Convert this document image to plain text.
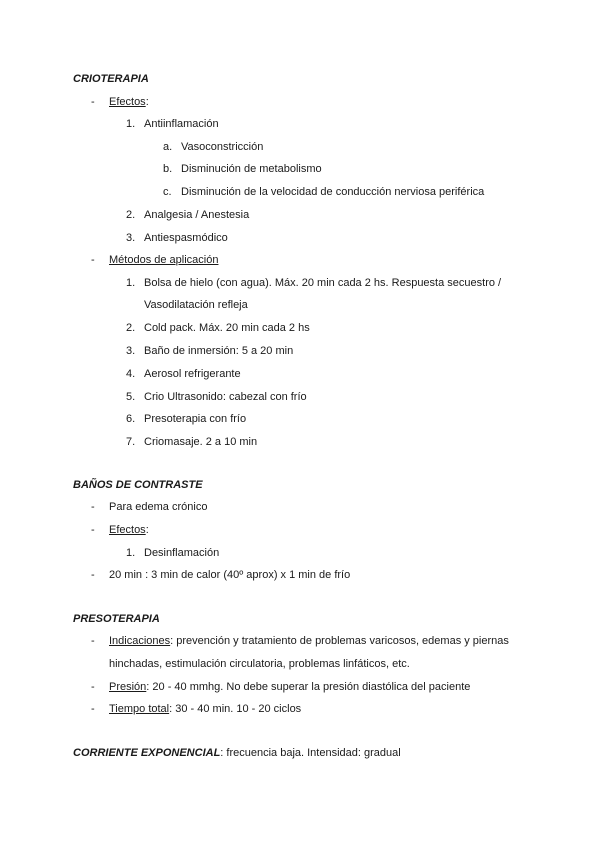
CRIOTERAPIA
- Efectos:
1. Antiinflamación
a. Vasoconstricción
b. Disminución de metabolismo
c. Disminución de la velocidad de conducción nerviosa periférica
2. Analgesia / Anestesia
3. Antiespasmódico
- Métodos de aplicación
1. Bolsa de hielo (con agua). Máx. 20 min cada 2 hs. Respuesta secuestro /
Vasodilatación refleja
2. Cold pack. Máx. 20 min cada 2 hs
3. Baño de inmersión: 5 a 20 min
4. Aerosol refrigerante
5. Crio Ultrasonido: cabezal con frío
6. Presoterapia con frío
7. Criomasaje. 2 a 10 min
BAÑOS DE CONTRASTE
- Para edema crónico
- Efectos:
1. Desinflamación
- 20 min : 3 min de calor (40º aprox) x 1 min de frío
PRESOTERAPIA
- Indicaciones: prevención y tratamiento de problemas varicosos, edemas y piernas
hinchadas, estimulación circulatoria, problemas linfáticos, etc.
- Presión: 20 - 40 mmhg. No debe superar la presión diastólica del paciente
- Tiempo total: 30 - 40 min. 10 - 20 ciclos
CORRIENTE EXPONENCIAL: frecuencia baja. Intensidad: gradual
